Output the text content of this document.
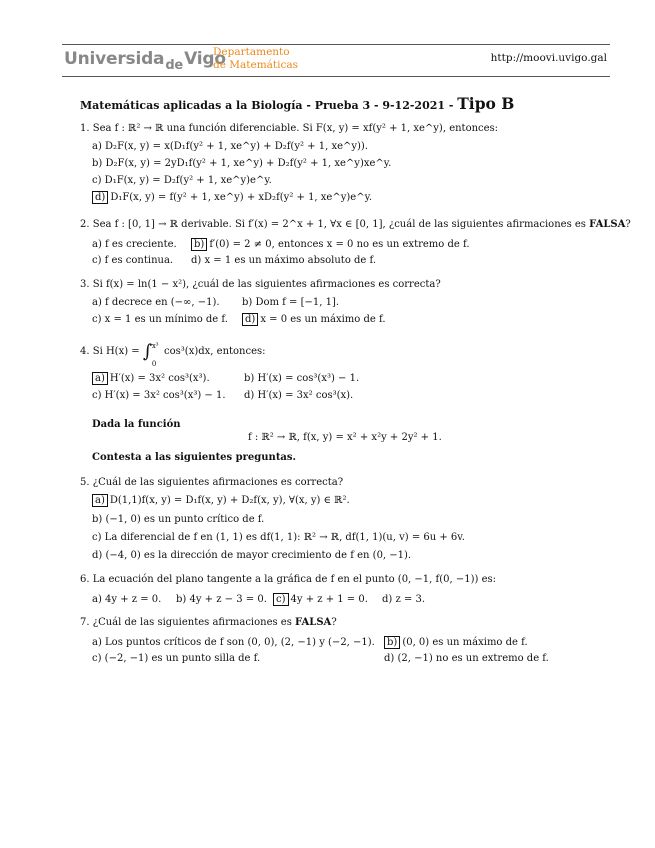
Universida$_{de}$Vigo
Departamento
de Matemáticas
http://moovi.uvigo.gal
Matemáticas aplicadas a la Biología - Prueba 3 - 9-12-2021 - Tipo B
1. Sea f : ℝ² → ℝ una función diferenciable. Si F(x, y) = xf(y² + 1, xe^y), entonces:
a) D₂F(x, y) = x(D₁f(y² + 1, xe^y) + D₂f(y² + 1, xe^y)).
b) D₂F(x, y) = 2yD₁f(y² + 1, xe^y) + D₂f(y² + 1, xe^y)xe^y.
c) D₁F(x, y) = D₂f(y² + 1, xe^y)e^y.
d) D₁F(x, y) = f(y² + 1, xe^y) + xD₂f(y² + 1, xe^y)e^y.
2. Sea f : [0, 1] → ℝ derivable. Si f′(x) = 2^x + 1, ∀x ∈ [0, 1], ¿cuál de las siguientes afirmaciones es FALSA?
a) f es creciente.	b) f′(0) = 2 ≠ 0, entonces x = 0 no es un extremo de f.
c) f es continua. d) x = 1 es un máximo absoluto de f.
3. Si f(x) = ln(1 − x²), ¿cuál de las siguientes afirmaciones es correcta?
a) f decrece en (−∞, −1). b) Dom f = [−1, 1].
c) x = 1 es un mínimo de f.	d) x = 0 es un máximo de f.
4. Si H(x) = ∫ x³
0
cos³(x)dx, entonces:
a) H′(x) = 3x² cos³(x³).	b) H′(x) = cos³(x³) − 1.
c) H′(x) = 3x² cos³(x³) − 1. d) H′(x) = 3x² cos³(x).
Dada la función
f : ℝ² → ℝ, f(x, y) = x² + x²y + 2y² + 1.
Contesta a las siguientes preguntas.
5. ¿Cuál de las siguientes afirmaciones es correcta?
a) D(1,1)f(x, y) = D₁f(x, y) + D₂f(x, y), ∀(x, y) ∈ ℝ².
b) (−1, 0) es un punto crítico de f.
c) La diferencial de f en (1, 1) es df(1, 1): ℝ² → ℝ, df(1, 1)(u, v) = 6u + 6v.
d) (−4, 0) es la dirección de mayor crecimiento de f en (0, −1).
6. La ecuación del plano tangente a la gráfica de f en el punto (0, −1, f(0, −1)) es:
a) 4y + z = 0. b) 4y + z − 3 = 0. c) 4y + z + 1 = 0. d) z = 3.
7. ¿Cuál de las siguientes afirmaciones es FALSA?
a) Los puntos críticos de f son (0, 0), (2, −1) y (−2, −1).	b) (0, 0) es un máximo de f.
c) (−2, −1) es un punto silla de f.	d) (2, −1) no es un extremo de f.
